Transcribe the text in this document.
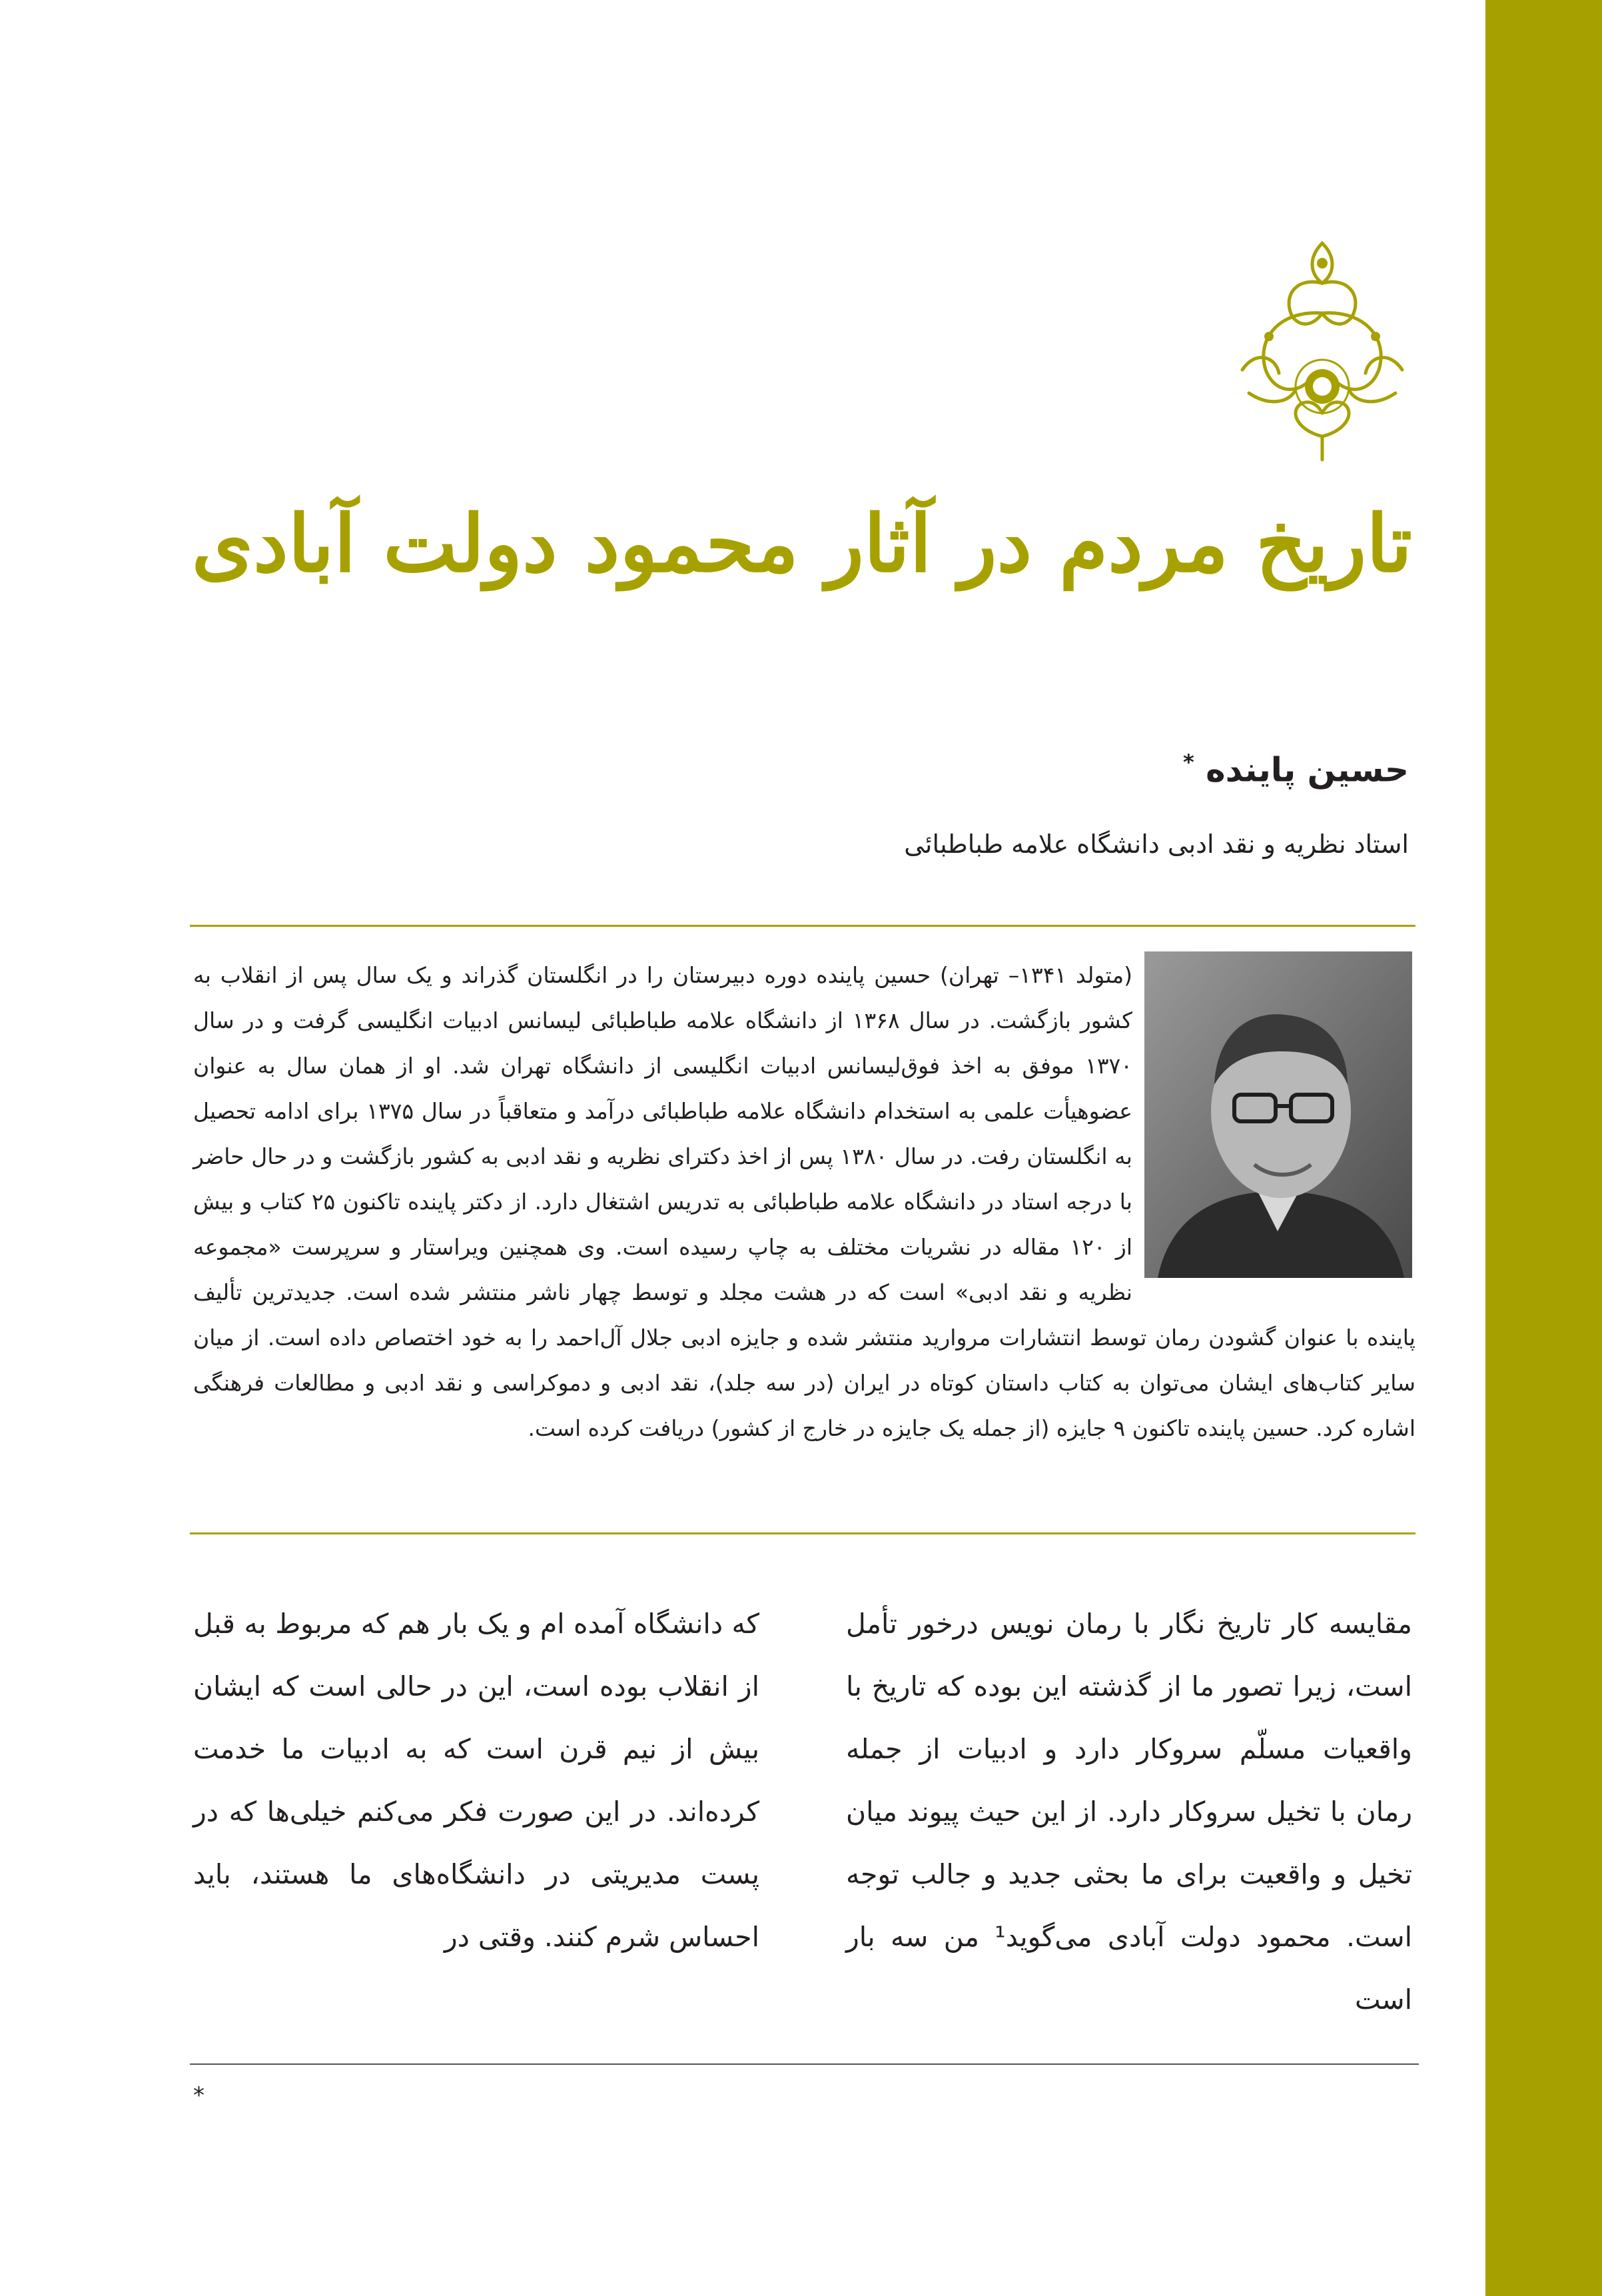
تاریخ مردم در آثار محمود دولت آبادی
حسین پاینده *
استاد نظریه و نقد ادبی دانشگاه علامه طباطبائی
(متولد ۱۳۴۱– تهران) حسین پاینده دوره دبیرستان را در انگلستان گذراند و یک سال پس از انقلاب به کشور بازگشت. در سال ۱۳۶۸ از دانشگاه علامه طباطبائی لیسانس ادبیات انگلیسی گرفت و در سال ۱۳۷۰ موفق به اخذ فوق‌لیسانس ادبیات انگلیسی از دانشگاه تهران شد. او از همان سال به عنوان عضوهیأت علمی به استخدام دانشگاه علامه طباطبائی درآمد و متعاقباً در سال ۱۳۷۵ برای ادامه تحصیل به انگلستان رفت. در سال ۱۳۸۰ پس از اخذ دکترای نظریه و نقد ادبی به کشور بازگشت و در حال حاضر با درجه استاد در دانشگاه علامه طباطبائی به تدریس اشتغال دارد. از دکتر پاینده تاکنون ۲۵ کتاب و بیش از ۱۲۰ مقاله در نشریات مختلف به چاپ رسیده است. وی همچنین ویراستار و سرپرست «مجموعه نظریه و نقد ادبی» است که در هشت مجلد و توسط چهار ناشر منتشر شده است. جدیدترین تألیف پاینده با عنوان گشودن رمان توسط انتشارات مروارید منتشر شده و جایزه ادبی جلال آل‌احمد را به خود اختصاص داده است. از میان سایر کتاب‌های ایشان می‌توان به کتاب داستان کوتاه در ایران (در سه جلد)، نقد ادبی و دموکراسی و نقد ادبی و مطالعات فرهنگی اشاره کرد. حسین پاینده تاکنون ۹ جایزه (از جمله یک جایزه در خارج از کشور) دریافت کرده است.

مقایسه کار تاریخ نگار با رمان نویس درخور تأمل است، زیرا تصور ما از گذشته این بوده که تاریخ با واقعیات مسلّم سروکار دارد و ادبیات از جمله رمان با تخیل سروکار دارد. از این حیث پیوند میان تخیل و واقعیت برای ما بحثی جدید و جالب توجه است. محمود دولت آبادی می‌گوید¹ من سه بار است

که دانشگاه آمده ام و یک بار هم که مربوط به قبل از انقلاب بوده است، این در حالی است که ایشان بیش از نیم قرن است که به ادبیات ما خدمت کرده‌اند. در این صورت فکر می‌کنم خیلی‌ها که در پست مدیریتی در دانشگاه‌های ما هستند، باید احساس شرم کنند. وقتی در

*
